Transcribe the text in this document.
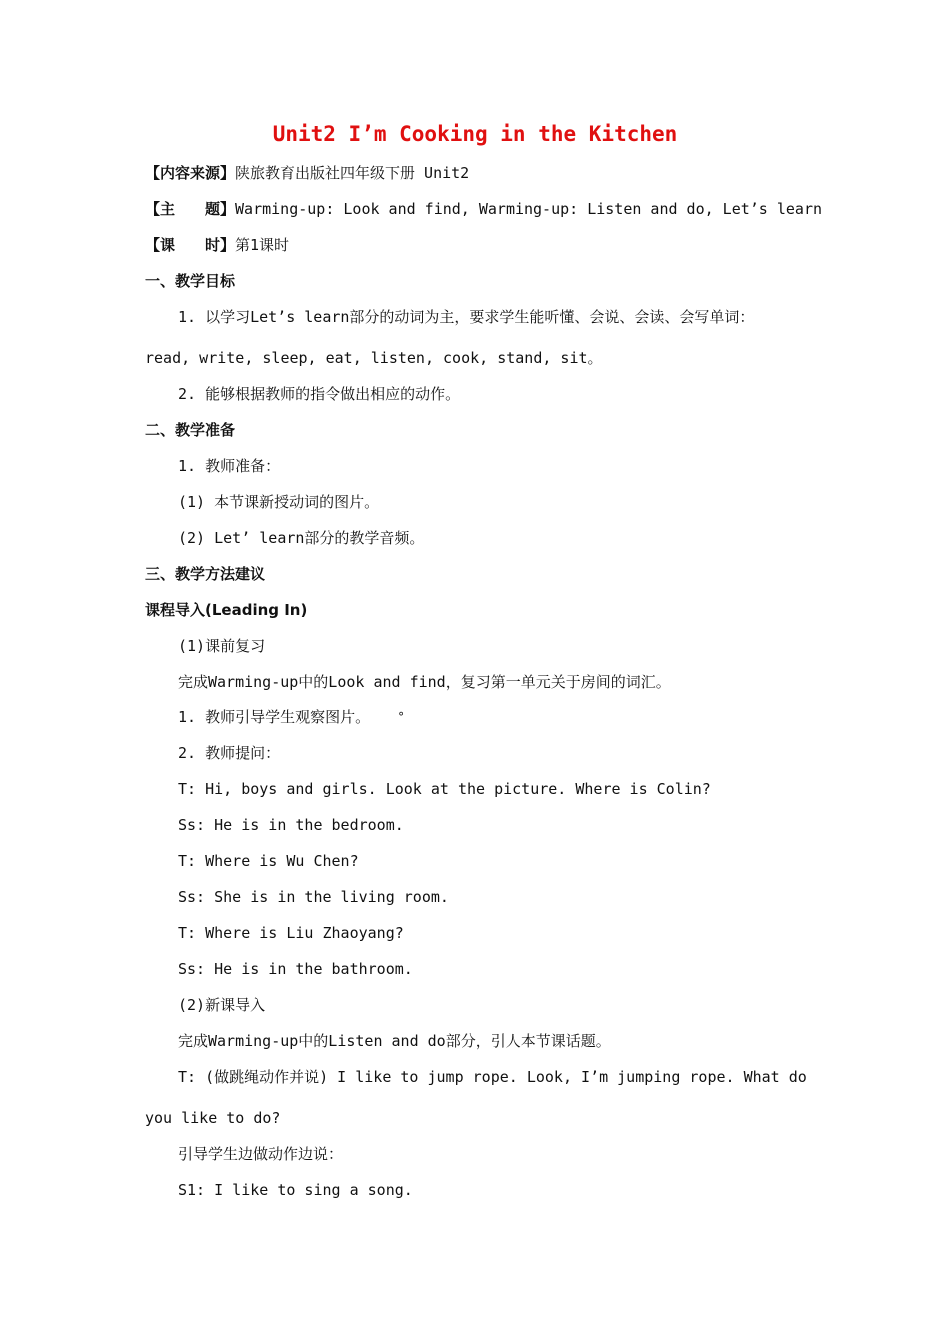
Unit2 I’m Cooking in the Kitchen
【内容来源】陕旅教育出版社四年级下册 Unit2
【主　　题】Warming-up: Look and find, Warming-up: Listen and do, Let’s learn
【课　　时】第1课时
一、教学目标
1. 以学习Let’s learn部分的动词为主，要求学生能听懂、会说、会读、会写单词：
read, write, sleep, eat, listen, cook, stand, sit。
2. 能够根据教师的指令做出相应的动作。
二、教学准备
1. 教师准备：
(1) 本节课新授动词的图片。
(2) Let’ learn部分的教学音频。
三、教学方法建议
课程导入(Leading In)
(1)课前复习
完成Warming-up中的Look and find，复习第一单元关于房间的词汇。
1. 教师引导学生观察图片。 °
2. 教师提问：
T: Hi, boys and girls. Look at the picture. Where is Colin?
Ss: He is in the bedroom.
T: Where is Wu Chen?
Ss: She is in the living room.
T: Where is Liu Zhaoyang?
Ss: He is in the bathroom.
(2)新课导入
完成Warming-up中的Listen and do部分，引人本节课话题。
T: (做跳绳动作并说) I like to jump rope. Look, I’m jumping rope. What do
you like to do?
引导学生边做动作边说：
S1: I like to sing a song.
